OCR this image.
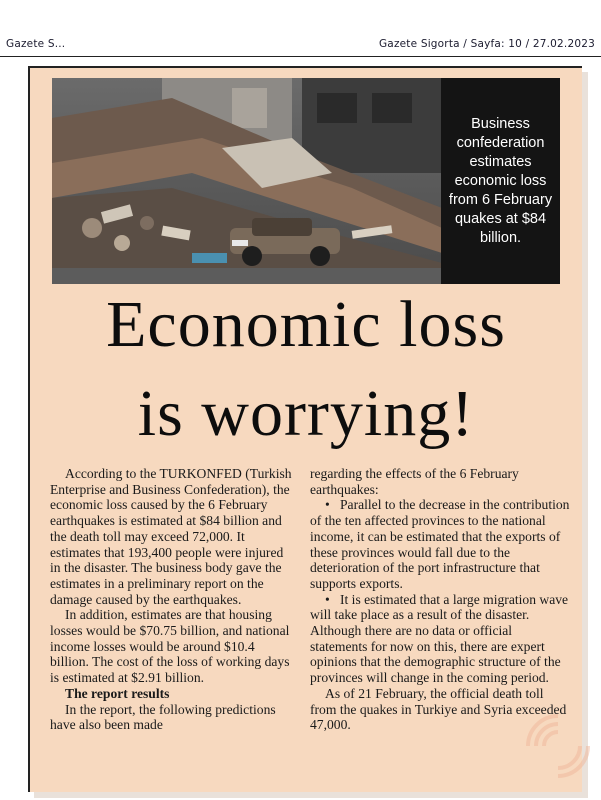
Gazete S...	Gazete Sigorta / Sayfa: 10 / 27.02.2023
Business confederation estimates economic loss from 6 February quakes at $84 billion.
Economic loss
is worrying!

According to the TURKONFED (Turkish Enterprise and Business Confederation), the economic loss caused by the 6 February earthquakes is estimated at $84 billion and the death toll may exceed 72,000. It estimates that 193,400 people were injured in the disaster. The business body gave the estimates in a preliminary report on the damage caused by the earthquakes.

In addition, estimates are that housing losses would be $70.75 billion, and national income losses would be around $10.4 billion. The cost of the loss of working days is estimated at $2.91 billion.

The report results

In the report, the following predictions have also been made

regarding the effects of the 6 February earthquakes:

• Parallel to the decrease in the contribution of the ten affected provinces to the national income, it can be estimated that the exports of these provinces would fall due to the deterioration of the port infrastructure that supports exports.

• It is estimated that a large migration wave will take place as a result of the disaster. Although there are no data or official statements for now on this, there are expert opinions that the demographic structure of the provinces will change in the coming period.

As of 21 February, the official death toll from the quakes in Turkiye and Syria exceeded 47,000.
